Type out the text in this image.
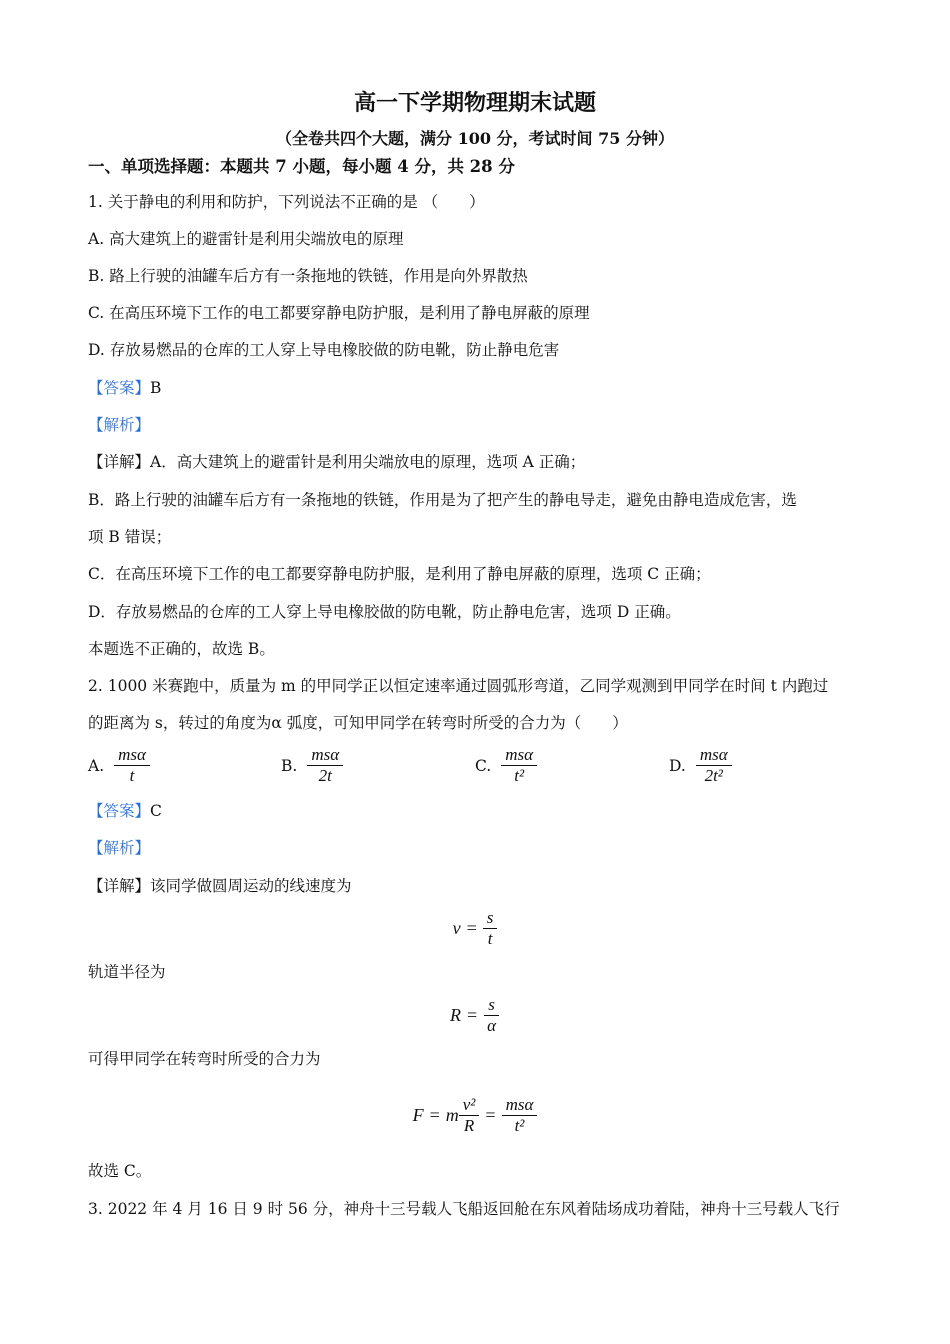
高一下学期物理期末试题
（全卷共四个大题，满分 100 分，考试时间 75 分钟）
一、单项选择题：本题共 7 小题，每小题 4 分，共 28 分
1. 关于静电的利用和防护，下列说法不正确的是 （　　）
A. 高大建筑上的避雷针是利用尖端放电的原理
B. 路上行驶的油罐车后方有一条拖地的铁链，作用是向外界散热
C. 在高压环境下工作的电工都要穿静电防护服，是利用了静电屏蔽的原理
D. 存放易燃品的仓库的工人穿上导电橡胶做的防电靴，防止静电危害
【答案】B
【解析】
【详解】A．高大建筑上的避雷针是利用尖端放电的原理，选项 A 正确；
B．路上行驶的油罐车后方有一条拖地的铁链，作用是为了把产生的静电导走，避免由静电造成危害，选
项 B 错误；
C．在高压环境下工作的电工都要穿静电防护服，是利用了静电屏蔽的原理，选项 C 正确；
D．存放易燃品的仓库的工人穿上导电橡胶做的防电靴，防止静电危害，选项 D 正确。
本题选不正确的，故选 B。
2. 1000 米赛跑中，质量为 m 的甲同学正以恒定速率通过圆弧形弯道，乙同学观测到甲同学在时间 t 内跑过
的距离为 s，转过的角度为α 弧度，可知甲同学在转弯时所受的合力为（　　）
A. $\frac{\text{msα}}{t}$	B. $\frac{\text{msα}}{2t}$	C. $\frac{\text{msα}}{\text{t²}}$	D. $\frac{\text{msα}}{\text{2t²}}$
【答案】C
【解析】
【详解】该同学做圆周运动的线速度为
$v = \frac{s}{t}$
轨道半径为
$R = \frac{s}{\alpha}$
可得甲同学在转弯时所受的合力为
F = m $\frac{\text{v²}}{R} = \frac{\text{msα}}{\text{t²}}$
故选 C。
3. 2022 年 4 月 16 日 9 时 56 分，神舟十三号载人飞船返回舱在东风着陆场成功着陆，神舟十三号载人飞行
